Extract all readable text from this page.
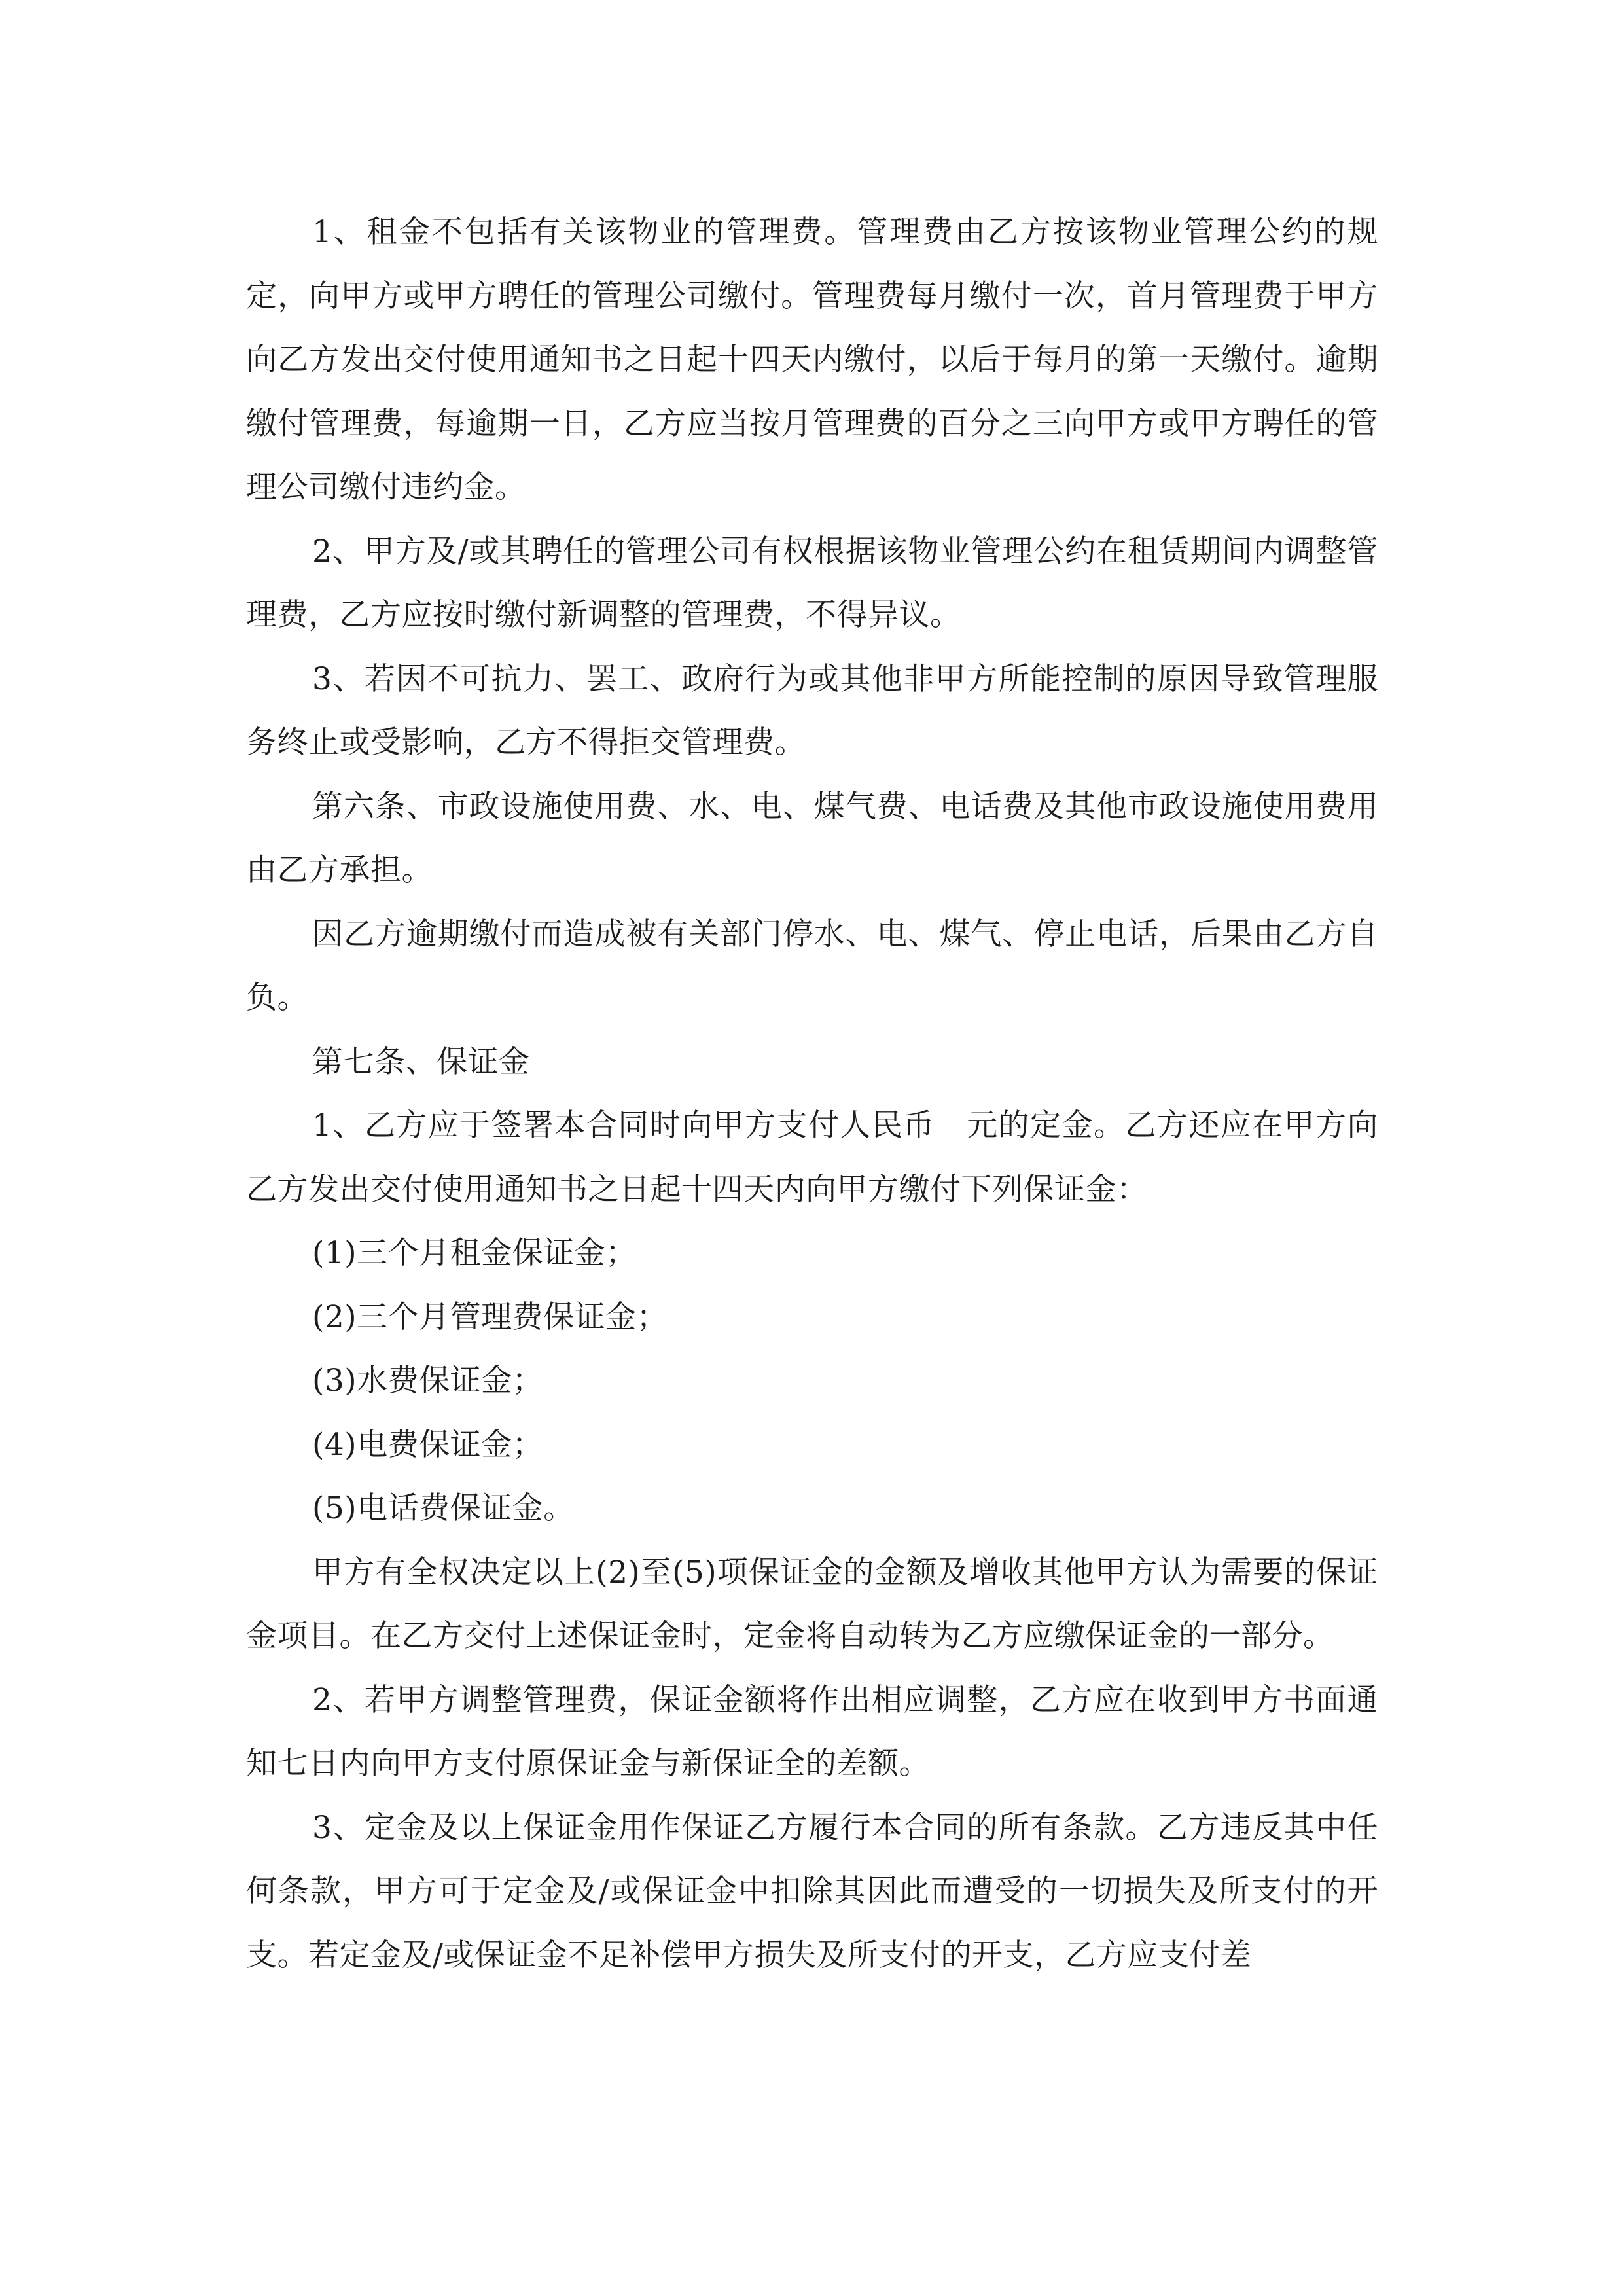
1、租金不包括有关该物业的管理费。管理费由乙方按该物业管理公约的规定，向甲方或甲方聘任的管理公司缴付。管理费每月缴付一次，首月管理费于甲方向乙方发出交付使用通知书之日起十四天内缴付，以后于每月的第一天缴付。逾期缴付管理费，每逾期一日，乙方应当按月管理费的百分之三向甲方或甲方聘任的管理公司缴付违约金。

2、甲方及/或其聘任的管理公司有权根据该物业管理公约在租赁期间内调整管理费，乙方应按时缴付新调整的管理费，不得异议。

3、若因不可抗力、罢工、政府行为或其他非甲方所能控制的原因导致管理服务终止或受影响，乙方不得拒交管理费。

第六条、市政设施使用费、水、电、煤气费、电话费及其他市政设施使用费用由乙方承担。

因乙方逾期缴付而造成被有关部门停水、电、煤气、停止电话，后果由乙方自负。

第七条、保证金

1、乙方应于签署本合同时向甲方支付人民币　元的定金。乙方还应在甲方向乙方发出交付使用通知书之日起十四天内向甲方缴付下列保证金：

(1)三个月租金保证金；

(2)三个月管理费保证金；

(3)水费保证金；

(4)电费保证金；

(5)电话费保证金。

甲方有全权决定以上(2)至(5)项保证金的金额及增收其他甲方认为需要的保证金项目。在乙方交付上述保证金时，定金将自动转为乙方应缴保证金的一部分。

2、若甲方调整管理费，保证金额将作出相应调整，乙方应在收到甲方书面通知七日内向甲方支付原保证金与新保证全的差额。

3、定金及以上保证金用作保证乙方履行本合同的所有条款。乙方违反其中任何条款，甲方可于定金及/或保证金中扣除其因此而遭受的一切损失及所支付的开支。若定金及/或保证金不足补偿甲方损失及所支付的开支，乙方应支付差
